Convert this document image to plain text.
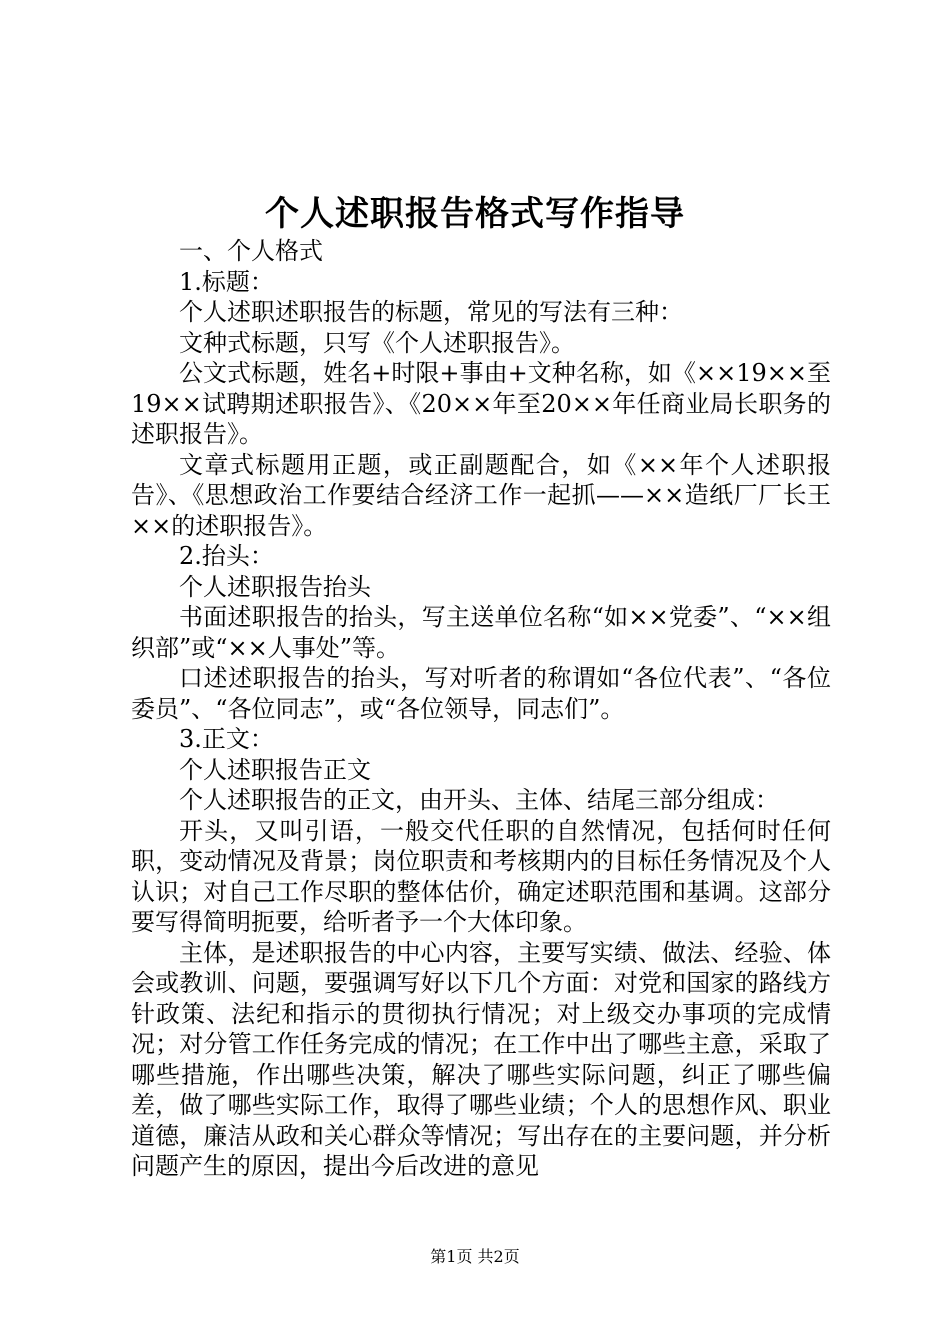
个人述职报告格式写作指导

一、个人格式

1.标题：

个人述职述职报告的标题，常见的写法有三种：

文种式标题，只写《个人述职报告》。

公文式标题，姓名+时限+事由+文种名称，如《××19××至19××试聘期述职报告》、《20××年至20××年任商业局长职务的述职报告》。

文章式标题用正题，或正副题配合，如《××年个人述职报告》、《思想政治工作要结合经济工作一起抓——××造纸厂厂长王××的述职报告》。

2.抬头：

个人述职报告抬头

书面述职报告的抬头，写主送单位名称“如××党委”、“××组织部”或“××人事处”等。

口述述职报告的抬头，写对听者的称谓如“各位代表”、“各位委员”、“各位同志”，或“各位领导，同志们”。

3.正文：

个人述职报告正文

个人述职报告的正文，由开头、主体、结尾三部分组成：

开头，又叫引语，一般交代任职的自然情况，包括何时任何职，变动情况及背景；岗位职责和考核期内的目标任务情况及个人认识；对自己工作尽职的整体估价，确定述职范围和基调。这部分要写得简明扼要，给听者予一个大体印象。

主体，是述职报告的中心内容，主要写实绩、做法、经验、体会或教训、问题，要强调写好以下几个方面：对党和国家的路线方针政策、法纪和指示的贯彻执行情况；对上级交办事项的完成情况；对分管工作任务完成的情况；在工作中出了哪些主意，采取了哪些措施，作出哪些决策，解决了哪些实际问题，纠正了哪些偏差，做了哪些实际工作，取得了哪些业绩；个人的思想作风、职业道德，廉洁从政和关心群众等情况；写出存在的主要问题，并分析问题产生的原因，提出今后改进的意见

第1页 共2页
